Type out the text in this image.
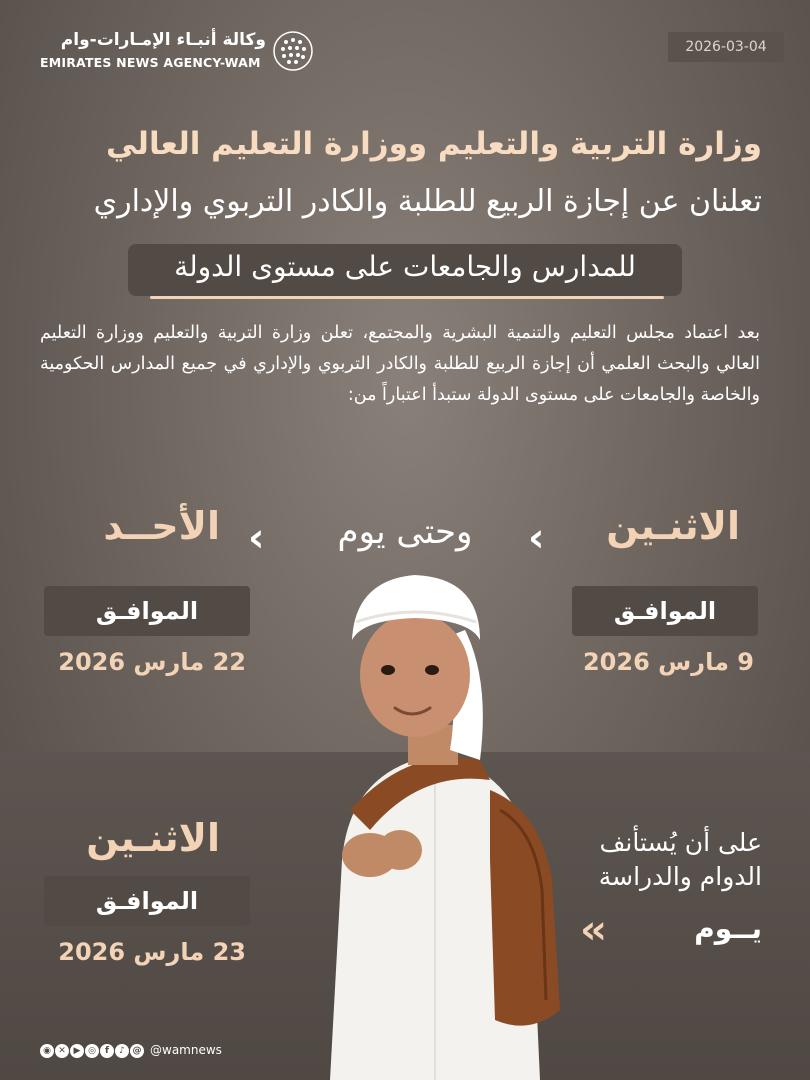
وكالة أنبـاء الإمـارات-وام
EMIRATES NEWS AGENCY-WAM
2026-03-04
وزارة التربية والتعليم ووزارة التعليم العالي
تعلنان عن إجازة الربيع للطلبة والكادر التربوي والإداري
للمدارس والجامعات على مستوى الدولة
بعد اعتماد مجلس التعليم والتنمية البشرية والمجتمع، تعلن وزارة التربية والتعليم ووزارة التعليم العالي والبحث العلمي أن إجازة الربيع للطلبة والكادر التربوي والإداري في جميع المدارس الحكومية والخاصة والجامعات على مستوى الدولة ستبدأ اعتباراً من:
الاثنـين
‹
وحتى يوم
‹
الأحــد
الموافـق
9 مارس 2026
الموافـق
22 مارس 2026
على أن يُستأنف
الدوام والدراسة
يــوم
‹‹
الاثنـين
الموافـق
23 مارس 2026
◉ ✕ ▶ ◎	f	♪ @ @wamnews
